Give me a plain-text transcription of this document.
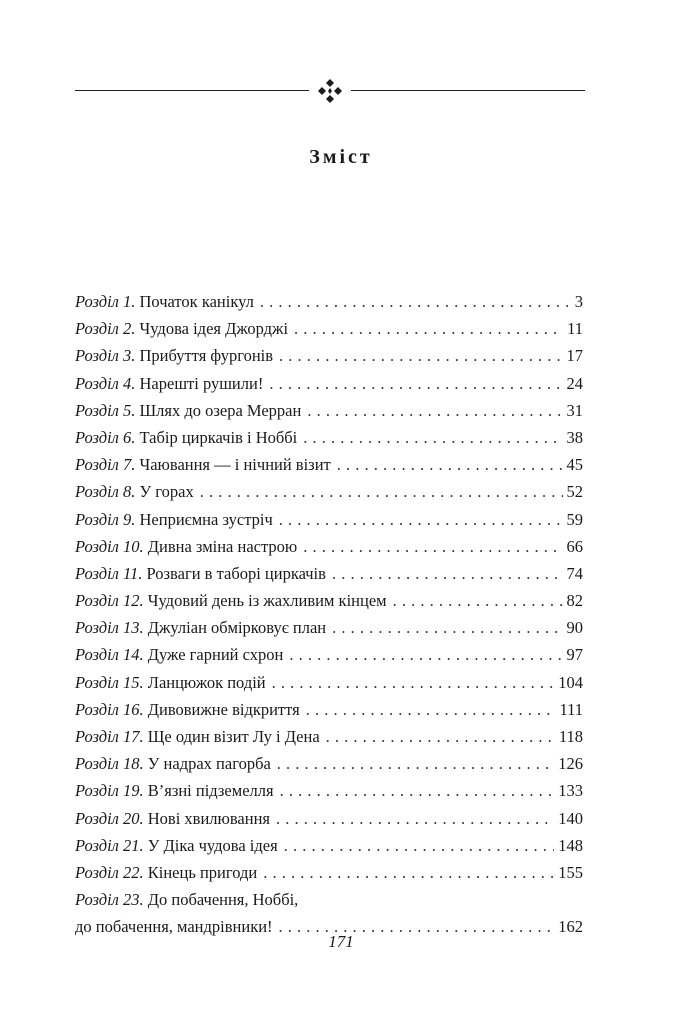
Зміст
Розділ 1. Початок канікул . . .	3
Розділ 2. Чудова ідея Джорджі . . .	11
Розділ 3. Прибуття фургонів . . .	17
Розділ 4. Нарешті рушили! . . .	24
Розділ 5. Шлях до озера Мерран . . .	31
Розділ 6. Табір циркачів і Ноббі . . .	38
Розділ 7. Чаювання — і нічний візит . . .	45
Розділ 8. У горах . . .	52
Розділ 9. Неприємна зустріч . . .	59
Розділ 10. Дивна зміна настрою . . .	66
Розділ 11. Розваги в таборі циркачів . . .	74
Розділ 12. Чудовий день із жахливим кінцем . . .	82
Розділ 13. Джуліан обмірковує план . . .	90
Розділ 14. Дуже гарний схрон . . .	97
Розділ 15. Ланцюжок подій . . .	104
Розділ 16. Дивовижне відкриття . . .	111
Розділ 17. Ще один візит Лу і Дена . . .	118
Розділ 18. У надрах пагорба . . .	126
Розділ 19. В’язні підземелля . . .	133
Розділ 20. Нові хвилювання . . .	140
Розділ 21. У Діка чудова ідея . . .	148
Розділ 22. Кінець пригоди . . .	155
Розділ 23. До побачення, Ноббі,
до побачення, мандрівники! . . .	162
171
